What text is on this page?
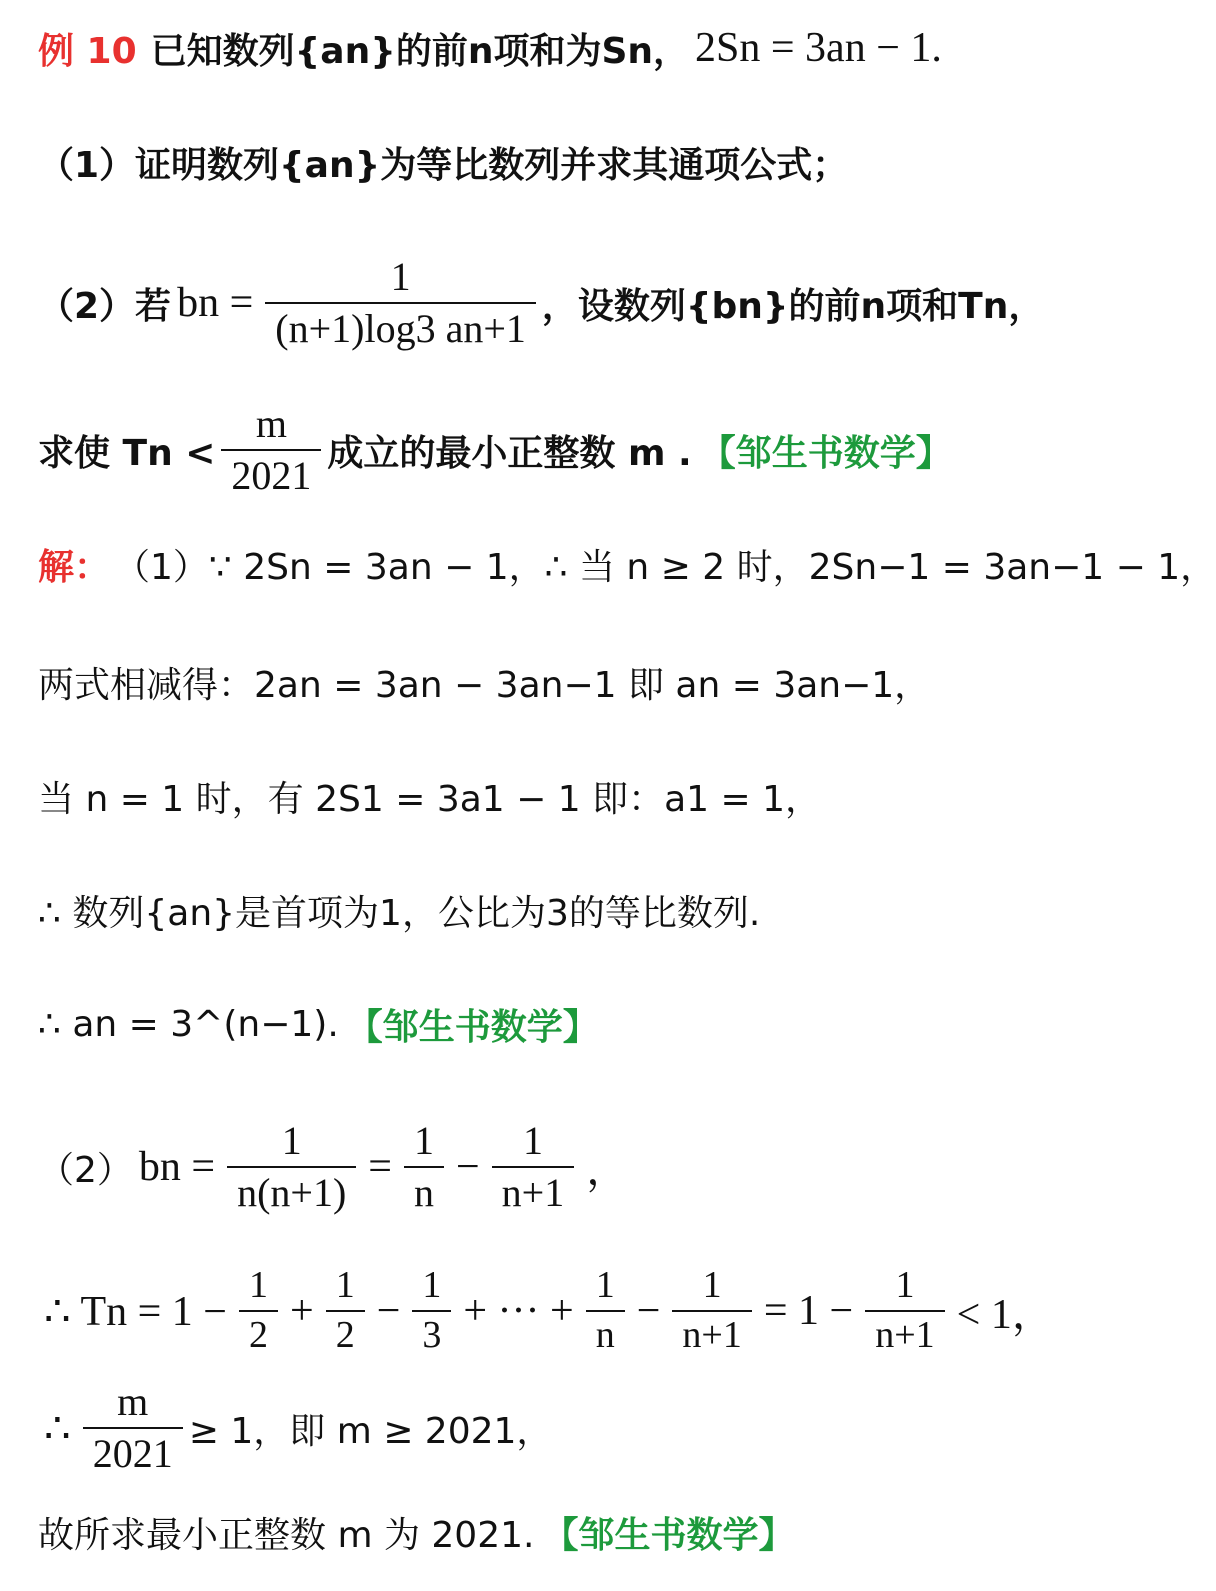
例 10 已知数列{an}的前n项和为Sn， 2Sn = 3an − 1.
（1）证明数列{an}为等比数列并求其通项公式；
（2）若 bn = $\frac{1}{(n+1)\log 3 an+1}$ ，设数列{bn}的前n项和Tn，
求使 $Tn < \frac{m}{2021}$ 成立的最小正整数 m . 【邹生书数学】
解： （1）∵ 2Sn = 3an − 1，∴ 当 n ≥ 2 时，2Sn−1 = 3an−1 − 1，
两式相减得：2an = 3an − 3an−1 即 an = 3an−1，
当 n = 1 时，有 2S1 = 3a1 − 1 即：a1 = 1，
∴ 数列{an}是首项为1，公比为3的等比数列.
∴ an = 3^(n−1). 【邹生书数学】
（2） bn = $\frac{1}{n(n+1)} = \frac{1}{n} - \frac{1}{n+1}$ ，
∴ $Tn = 1 - \frac{1}{2} + \frac{1}{2} - \frac{1}{3}$ + ··· + $\frac{1}{n} - \frac{1}{n+1} = 1 - \frac{1}{n+1} < 1$，
∴ $\frac{m}{2021} \ge 1$，即 m ≥ 2021，
故所求最小正整数 m 为 2021. 【邹生书数学】
